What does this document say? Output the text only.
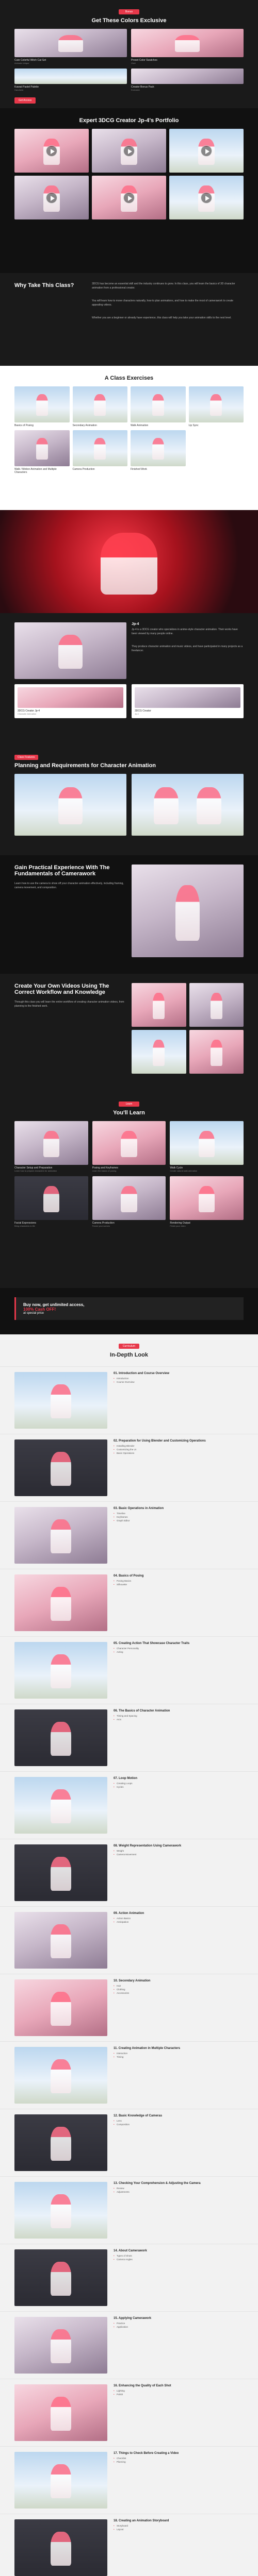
Bonus
Get These Colors Exclusive
Cute Colorful Witch Cat Set
Animate Unique
Preset Color Swatches
Vivid
Kawaii Pastel Palette
Handheld
Creator Bonus Pack
Exclusive
Get Access
Expert 3DCG Creator Jp-4's Portfolio
Why Take This Class?	3DCG has become an essential skill and the industry continues to grow. In this class, you will learn the basics of 3D character animation from a professional creator.

You will learn how to move characters naturally, how to plan animations, and how to make the most of camerawork to create appealing videos.

Whether you are a beginner or already have experience, this class will help you take your animation skills to the next level.

A Class Exercises
Basics of Posing	Secondary Animation	Walk Animation	Lip Sync
Walk / Motion Animation and Multiple Characters
Camera Production	Finished Work
Jp-4

Jp-4 is a 3DCG creator who specializes in anime-style character animation. Their works have been viewed by many people online.

They produce character animation and music videos, and have participated in many projects as a freelancer.

3DCG Creator Jp-4
Character Animation
3DCG Creator
Jp-4
Class Features
Planning and Requirements for Character Animation
Gain Practical Experience With The Fundamentals of Camerawork

Learn how to use the camera to show off your character animation effectively, including framing, camera movement, and composition.

Create Your Own Videos Using The Correct Workflow and Knowledge

Through this class you will learn the entire workflow of creating character animation videos, from planning to the finished work.

Learn
You'll Learn
Character Setup and Preparation
Learn how to prepare characters for animation
Posing and Keyframes
Learn the basics of posing
Walk Cycle
Create natural walk animation
Facial Expressions
Bring characters to life
Camera Production
Frame your scenes
Rendering Output
Finish your video
Buy now, get unlimited access,
100% Cash OFF!
at special price
Curriculum
In-Depth Look
01. Introduction and Course Overview
• Introduction
• Course Overview
02. Preparation for Using Blender and Customizing Operations
• Installing Blender
• Customizing the UI
• Basic Operations
03. Basic Operations in Animation
• Timeline
• Keyframes
• Graph Editor
04. Basics of Posing
• Posing Basics
• Silhouette
05. Creating Action That Showcase Character Traits
• Character Personality
• Acting
06. The Basics of Character Animation
• Timing and Spacing
• Arcs
07. Loop Motion
• Creating Loops
• Cycles
08. Weight Representation Using Camerawork
• Weight
• Camera Movement
09. Action Animation
• Action Basics
• Anticipation
10. Secondary Animation
• Hair
• Clothing
• Accessories
11. Creating Animation in Multiple Characters
• Interaction
• Timing
12. Basic Knowledge of Cameras
• Lens
• Composition
13. Checking Your Comprehension & Adjusting the Camera
• Review
• Adjustments
14. About Camerawork
• Types of Shots
• Camera Angles
15. Applying Camerawork
• Practice
• Application
16. Enhancing the Quality of Each Shot
• Lighting
• Polish
17. Things to Check Before Creating a Video
• Checklist
• Planning
18. Creating an Animation Storyboard
• Storyboard
• Layout
